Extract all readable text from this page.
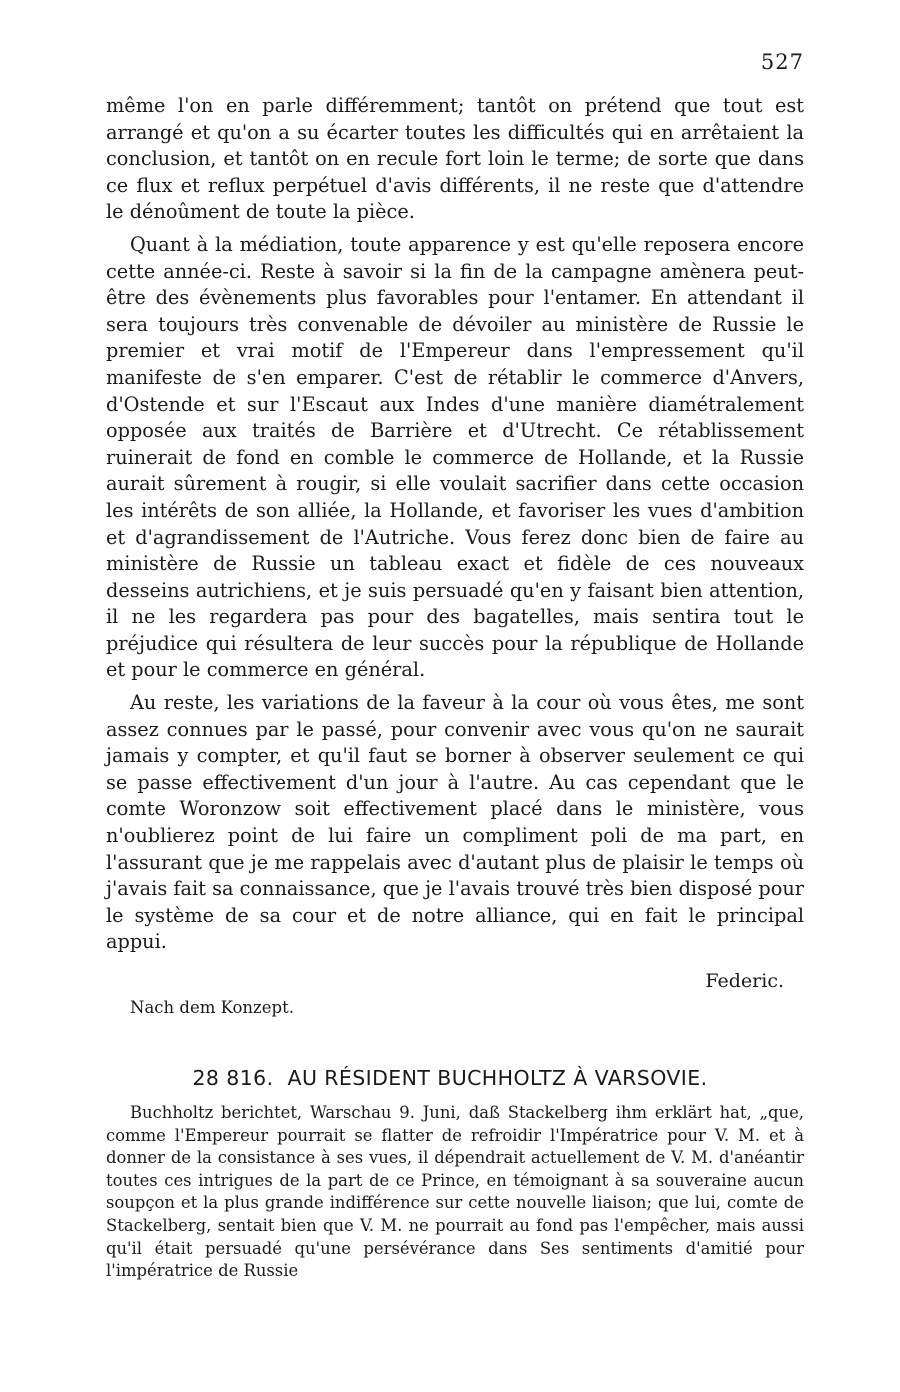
527

même l'on en parle différemment; tantôt on prétend que tout est arrangé et qu'on a su écarter toutes les difficultés qui en arrêtaient la conclusion, et tantôt on en recule fort loin le terme; de sorte que dans ce flux et reflux perpétuel d'avis différents, il ne reste que d'attendre le dénoûment de toute la pièce.

Quant à la médiation, toute apparence y est qu'elle reposera encore cette année-ci. Reste à savoir si la fin de la campagne amènera peut-être des évènements plus favorables pour l'entamer. En attendant il sera toujours très convenable de dévoiler au ministère de Russie le premier et vrai motif de l'Empereur dans l'empressement qu'il manifeste de s'en emparer. C'est de rétablir le commerce d'Anvers, d'Ostende et sur l'Escaut aux Indes d'une manière diamétralement opposée aux traités de Barrière et d'Utrecht. Ce rétablissement ruinerait de fond en comble le commerce de Hollande, et la Russie aurait sûrement à rougir, si elle voulait sacrifier dans cette occasion les intérêts de son alliée, la Hollande, et favoriser les vues d'ambition et d'agrandissement de l'Autriche. Vous ferez donc bien de faire au ministère de Russie un tableau exact et fidèle de ces nouveaux desseins autrichiens, et je suis persuadé qu'en y faisant bien attention, il ne les regardera pas pour des bagatelles, mais sentira tout le préjudice qui résultera de leur succès pour la république de Hollande et pour le commerce en général.

Au reste, les variations de la faveur à la cour où vous êtes, me sont assez connues par le passé, pour convenir avec vous qu'on ne saurait jamais y compter, et qu'il faut se borner à observer seulement ce qui se passe effectivement d'un jour à l'autre. Au cas cependant que le comte Woronzow soit effectivement placé dans le ministère, vous n'oublierez point de lui faire un compliment poli de ma part, en l'assurant que je me rappelais avec d'autant plus de plaisir le temps où j'avais fait sa connaissance, que je l'avais trouvé très bien disposé pour le système de sa cour et de notre alliance, qui en fait le principal appui.

Federic.
Nach dem Konzept.
28 816. AU RÉSIDENT BUCHHOLTZ À VARSOVIE.

Buchholtz berichtet, Warschau 9. Juni, daß Stackelberg ihm erklärt hat, „que, comme l'Empereur pourrait se flatter de refroidir l'Impératrice pour V. M. et à donner de la consistance à ses vues, il dépendrait actuellement de V. M. d'anéantir toutes ces intrigues de la part de ce Prince, en témoignant à sa souveraine aucun soupçon et la plus grande indifférence sur cette nouvelle liaison; que lui, comte de Stackelberg, sentait bien que V. M. ne pourrait au fond pas l'empêcher, mais aussi qu'il était persuadé qu'une persévérance dans Ses sentiments d'amitié pour l'impératrice de Russie
